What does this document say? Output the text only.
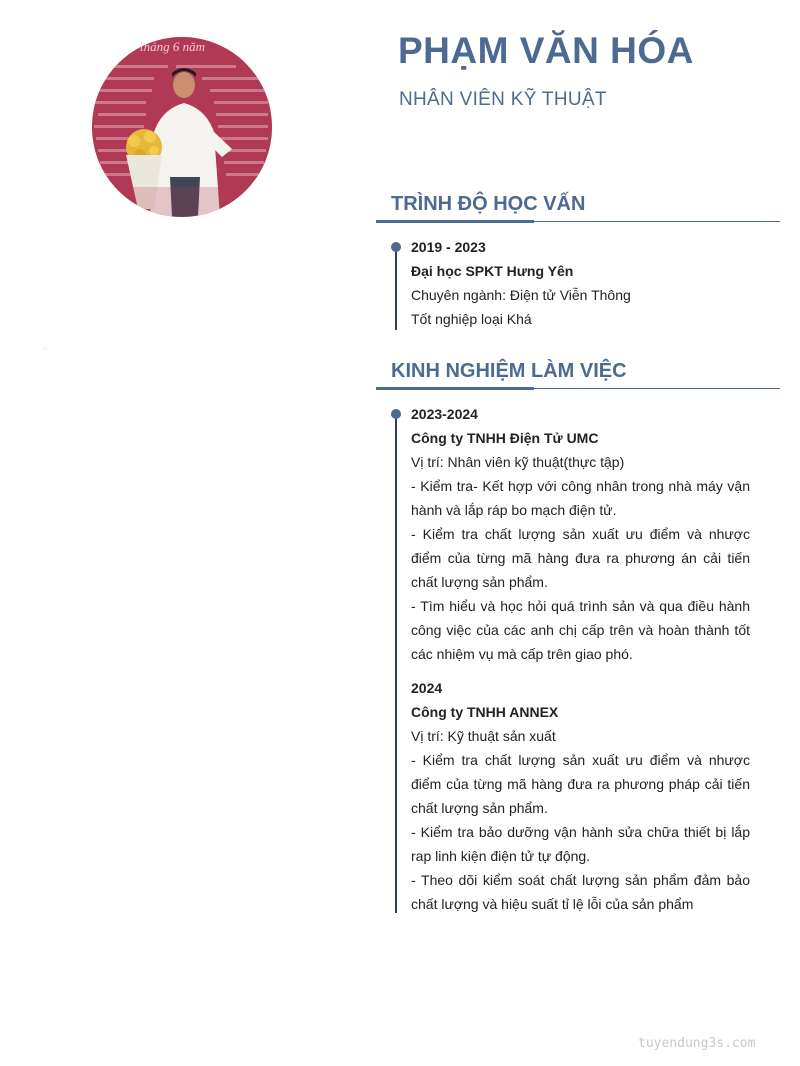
tháng 6 năm
▫
PHẠM VĂN HÓA
NHÂN VIÊN KỸ THUẬT
TRÌNH ĐỘ HỌC VẤN

2019 - 2023

Đại học SPKT Hưng Yên

Chuyên ngành: Điện tử Viễn Thông

Tốt nghiệp loại Khá

KINH NGHIỆM LÀM VIỆC

2023-2024

Công ty TNHH Điện Tử UMC

Vị trí: Nhân viên kỹ thuật(thực tập)

- Kiểm tra- Kết hợp với công nhân trong nhà máy vận hành và lắp ráp bo mạch điện tử.

- Kiểm tra chất lượng sản xuất ưu điểm và nhược điểm của từng mã hàng đưa ra phương án cải tiến chất lượng sản phẩm.

- Tìm hiểu và học hỏi quá trình sản và qua điều hành công việc của các anh chị cấp trên và hoàn thành tốt các nhiệm vụ mà cấp trên giao phó.

2024

Công ty TNHH ANNEX

Vị trí: Kỹ thuật sản xuất

- Kiểm tra chất lượng sản xuất ưu điểm và nhược điểm của từng mã hàng đưa ra phương pháp cải tiến chất lượng sản phẩm.

- Kiểm tra bảo dưỡng vận hành sửa chữa thiết bị lắp rap linh kiện điện tử tự động.

- Theo dõi kiểm soát chất lượng sản phẩm đảm bảo chất lượng và hiệu suất tỉ lệ lỗi của sản phẩm

tuyendung3s.com
